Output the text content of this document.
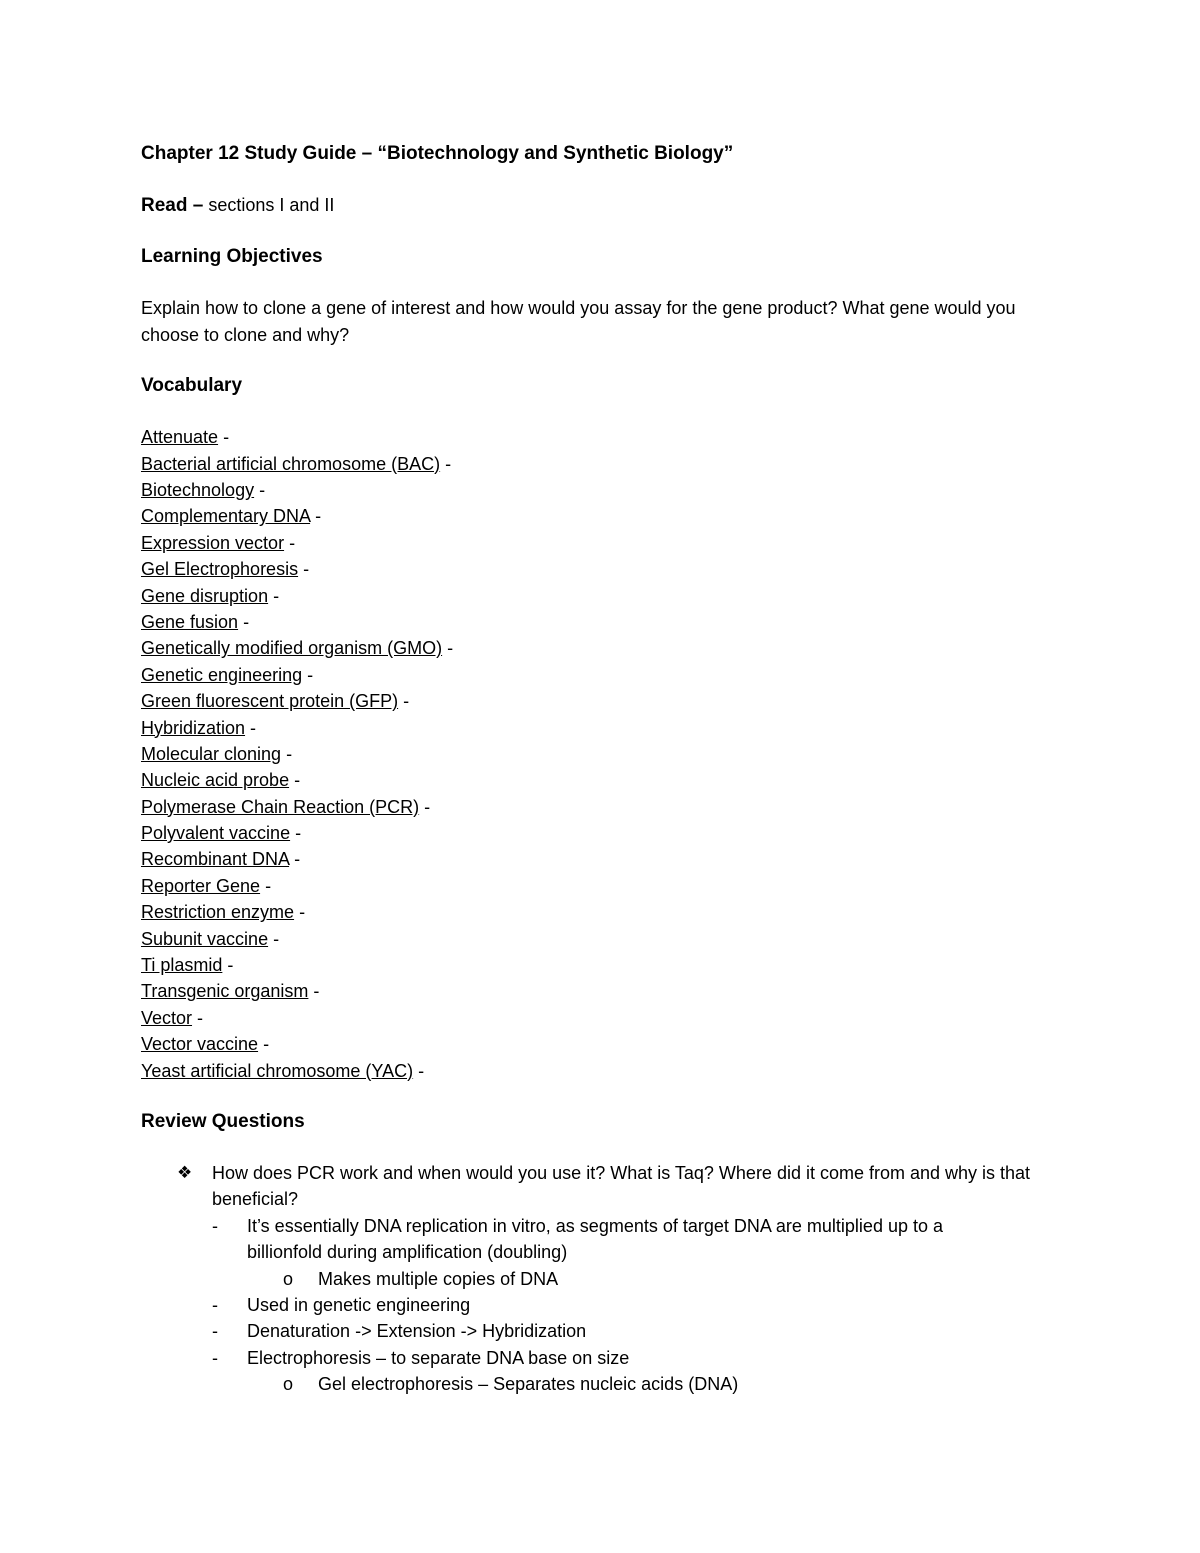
Chapter 12 Study Guide – “Biotechnology and Synthetic Biology”

Read – sections I and II

Learning Objectives

Explain how to clone a gene of interest and how would you assay for the gene product? What gene would you choose to clone and why?

Vocabulary
Attenuate -
Bacterial artificial chromosome (BAC) -
Biotechnology -
Complementary DNA -
Expression vector -
Gel Electrophoresis -
Gene disruption -
Gene fusion -
Genetically modified organism (GMO) -
Genetic engineering -
Green fluorescent protein (GFP) -
Hybridization -
Molecular cloning -
Nucleic acid probe -
Polymerase Chain Reaction (PCR) -
Polyvalent vaccine -
Recombinant DNA -
Reporter Gene -
Restriction enzyme -
Subunit vaccine -
Ti plasmid -
Transgenic organism -
Vector -
Vector vaccine -
Yeast artificial chromosome (YAC) -
Review Questions
❖ How does PCR work and when would you use it? What is Taq? Where did it come from and why is that beneficial?
- It’s essentially DNA replication in vitro, as segments of target DNA are multiplied up to a billionfold during amplification (doubling)
o Makes multiple copies of DNA
- Used in genetic engineering
- Denaturation -> Extension -> Hybridization
- Electrophoresis – to separate DNA base on size
o Gel electrophoresis – Separates nucleic acids (DNA)
